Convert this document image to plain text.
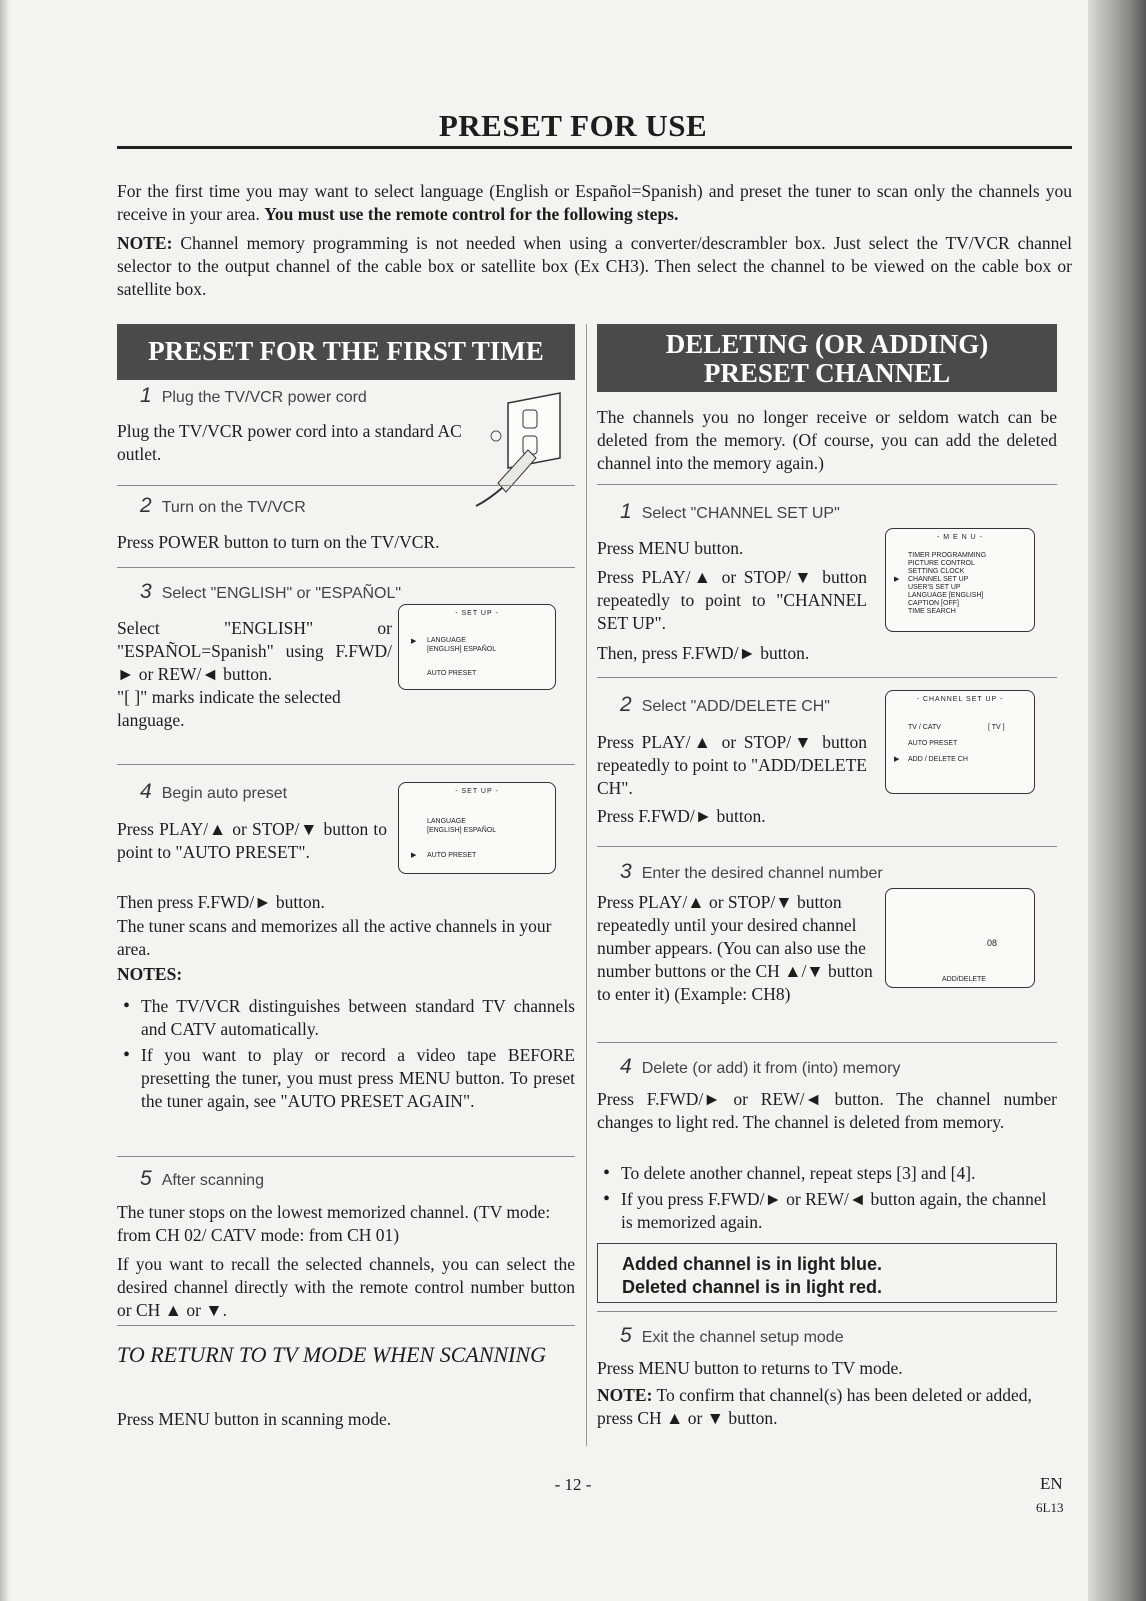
PRESET FOR USE
For the first time you may want to select language (English or Español=Spanish) and preset the tuner to scan only the channels you receive in your area. You must use the remote control for the following steps.
NOTE: Channel memory programming is not needed when using a converter/descrambler box. Just select the TV/VCR channel selector to the output channel of the cable box or satellite box (Ex CH3). Then select the channel to be viewed on the cable box or satellite box.
PRESET FOR THE FIRST TIME
1 Plug the TV/VCR power cord
Plug the TV/VCR power cord into a standard AC outlet.
2 Turn on the TV/VCR
Press POWER button to turn on the TV/VCR.
3 Select "ENGLISH" or "ESPAÑOL"
Select "ENGLISH" or "ESPAÑOL=Spanish" using F.FWD/► or REW/◄ button.
"[ ]" marks indicate the selected language.
- SET UP -
▶ LANGUAGE
[ENGLISH] ESPAÑOL
AUTO PRESET
4 Begin auto preset
Press PLAY/▲ or STOP/▼ button to point to "AUTO PRESET".
- SET UP -
LANGUAGE
[ENGLISH] ESPAÑOL
▶ AUTO PRESET
Then press F.FWD/► button.
The tuner scans and memorizes all the active channels in your area.
NOTES:
• The TV/VCR distinguishes between standard TV channels and CATV automatically.
• If you want to play or record a video tape BEFORE presetting the tuner, you must press MENU button. To preset the tuner again, see "AUTO PRESET AGAIN".
5 After scanning
The tuner stops on the lowest memorized channel. (TV mode: from CH 02/ CATV mode: from CH 01)
If you want to recall the selected channels, you can select the desired channel directly with the remote control number button or CH ▲ or ▼.
TO RETURN TO TV MODE WHEN SCANNING
Press MENU button in scanning mode.
DELETING (OR ADDING)
PRESET CHANNEL
The channels you no longer receive or seldom watch can be deleted from the memory. (Of course, you can add the deleted channel into the memory again.)
1 Select "CHANNEL SET UP"
Press MENU button.
Press PLAY/▲ or STOP/▼ button repeatedly to point to "CHANNEL SET UP".
Then, press F.FWD/► button.
- M E N U -
TIMER PROGRAMMING
PICTURE CONTROL
SETTING CLOCK
▶ CHANNEL SET UP
USER'S SET UP
LANGUAGE [ENGLISH]
CAPTION [OFF]
TIME SEARCH
2 Select "ADD/DELETE CH"
Press PLAY/▲ or STOP/▼ button repeatedly to point to "ADD/DELETE CH".
Press F.FWD/► button.
- CHANNEL SET UP -
TV / CATV	[ TV ]
AUTO PRESET
▶ ADD / DELETE CH
3 Enter the desired channel number
Press PLAY/▲ or STOP/▼ button repeatedly until your desired channel number appears. (You can also use the number buttons or the CH ▲/▼ button to enter it) (Example: CH8)
08
ADD/DELETE
4 Delete (or add) it from (into) memory
Press F.FWD/► or REW/◄ button. The channel number changes to light red. The channel is deleted from memory.
• To delete another channel, repeat steps [3] and [4].
• If you press F.FWD/► or REW/◄ button again, the channel is memorized again.
Added channel is in light blue.
Deleted channel is in light red.
5 Exit the channel setup mode
Press MENU button to returns to TV mode.
NOTE: To confirm that channel(s) has been deleted or added, press CH ▲ or ▼ button.
- 12 -	EN
6L13
